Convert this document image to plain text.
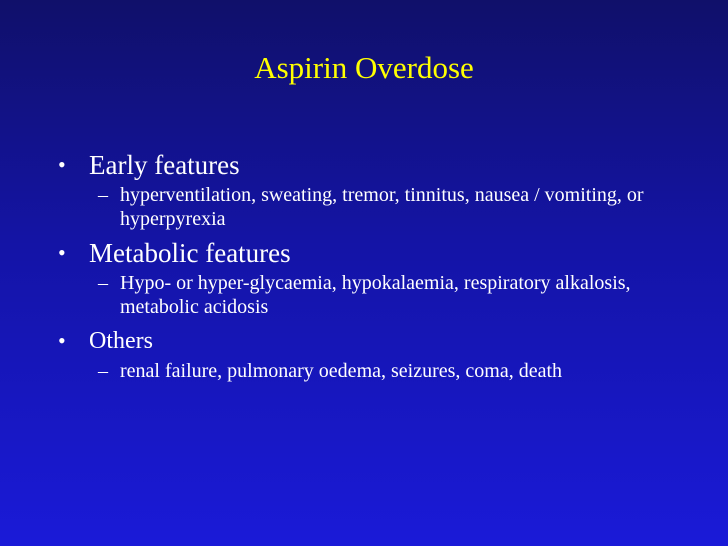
Aspirin Overdose
• Early features
– hyperventilation, sweating, tremor, tinnitus, nausea / vomiting, or hyperpyrexia
• Metabolic features
– Hypo- or hyper-glycaemia, hypokalaemia, respiratory alkalosis, metabolic acidosis
• Others
– renal failure, pulmonary oedema, seizures, coma, death
